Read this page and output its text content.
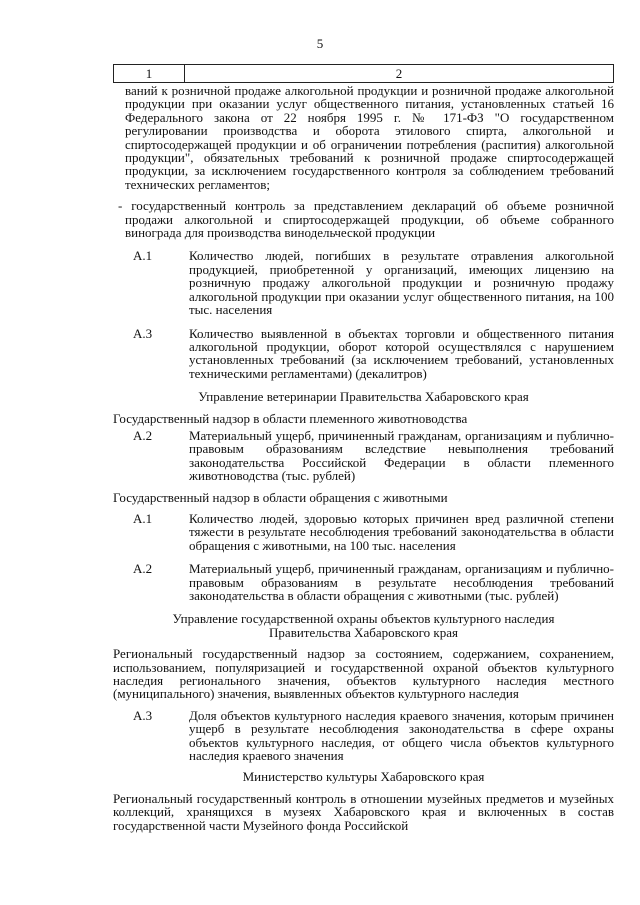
5
1	2

ваний к розничной продаже алкогольной продукции и розничной продаже алкогольной продукции при оказании услуг общественного питания, установленных статьей 16 Федерального закона от 22 ноября 1995 г. № 171-ФЗ "О государственном регулировании производства и оборота этилового спирта, алкогольной и спиртосодержащей продукции и об ограничении потребления (распития) алкогольной продукции", обязательных требований к розничной продаже спиртосодержащей продукции, за исключением государственного контроля за соблюдением требований технических регламентов;

- государственный контроль за представлением деклараций об объеме розничной продажи алкогольной и спиртосодержащей продукции, об объеме собранного винограда для производства винодельческой продукции

А.1	Количество людей, погибших в результате отравления алкогольной продукцией, приобретенной у организаций, имеющих лицензию на розничную продажу алкогольной продукции и розничную продажу алкогольной продукции при оказании услуг общественного питания, на 100 тыс. населения
А.3	Количество выявленной в объектах торговли и общественного питания алкогольной продукции, оборот которой осуществлялся с нарушением установленных требований (за исключением требований, установленных техническими регламентами) (декалитров)

Управление ветеринарии Правительства Хабаровского края

Государственный надзор в области племенного животноводства

А.2	Материальный ущерб, причиненный гражданам, организациям и публично-правовым образованиям вследствие невыполнения требований законодательства Российской Федерации в области племенного животноводства (тыс. рублей)

Государственный надзор в области обращения с животными

А.1	Количество людей, здоровью которых причинен вред различной степени тяжести в результате несоблюдения требований законодательства в области обращения с животными, на 100 тыс. населения
А.2	Материальный ущерб, причиненный гражданам, организациям и публично-правовым образованиям в результате несоблюдения требований законодательства в области обращения с животными (тыс. рублей)

Управление государственной охраны объектов культурного наследия
Правительства Хабаровского края

Региональный государственный надзор за состоянием, содержанием, сохранением, использованием, популяризацией и государственной охраной объектов культурного наследия регионального значения, объектов культурного наследия местного (муниципального) значения, выявленных объектов культурного наследия

А.3	Доля объектов культурного наследия краевого значения, которым причинен ущерб в результате несоблюдения законодательства в сфере охраны объектов культурного наследия, от общего числа объектов культурного наследия краевого значения

Министерство культуры Хабаровского края

Региональный государственный контроль в отношении музейных предметов и музейных коллекций, хранящихся в музеях Хабаровского края и включенных в состав государственной части Музейного фонда Российской
